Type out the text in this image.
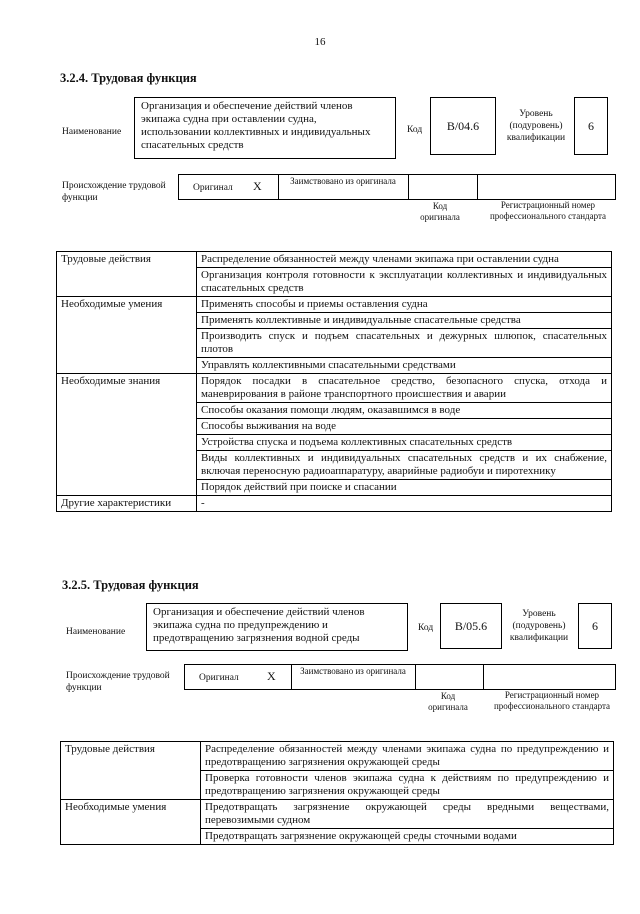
16
3.2.4. Трудовая функция
Наименование
Организация и обеспечение действий членов экипажа судна при оставлении судна, использовании коллективных и индивидуальных спасательных средств
Код	B/04.6
Уровень (подуровень) квалификации
6
Происхождение трудовой функции
Оригинал X	Заимствовано из оригинала
Код оригинала
Регистрационный номер профессионального стандарта
Трудовые действия	Распределение обязанностей между членами экипажа при оставлении судна
	Организация контроля готовности к эксплуатации коллективных и индивидуальных спасательных средств
Необходимые умения	Применять способы и приемы оставления судна
	Применять коллективные и индивидуальные спасательные средства
	Производить спуск и подъем спасательных и дежурных шлюпок, спасательных плотов
	Управлять коллективными спасательными средствами
Необходимые знания	Порядок посадки в спасательное средство, безопасного спуска, отхода и маневрирования в районе транспортного происшествия и аварии
	Способы оказания помощи людям, оказавшимся в воде
	Способы выживания на воде
	Устройства спуска и подъема коллективных спасательных средств
	Виды коллективных и индивидуальных спасательных средств и их снабжение, включая переносную радиоаппаратуру, аварийные радиобуи и пиротехнику
	Порядок действий при поиске и спасании
Другие характеристики	-
3.2.5. Трудовая функция
Наименование
Организация и обеспечение действий членов экипажа судна по предупреждению и предотвращению загрязнения водной среды
Код	B/05.6
Уровень (подуровень) квалификации
6
Происхождение трудовой функции
Оригинал X	Заимствовано из оригинала
Код оригинала
Регистрационный номер профессионального стандарта
Трудовые действия	Распределение обязанностей между членами экипажа судна по предупреждению и предотвращению загрязнения окружающей среды
	Проверка готовности членов экипажа судна к действиям по предупреждению и предотвращению загрязнения окружающей среды
Необходимые умения	Предотвращать загрязнение окружающей среды вредными веществами, перевозимыми судном
	Предотвращать загрязнение окружающей среды сточными водами
